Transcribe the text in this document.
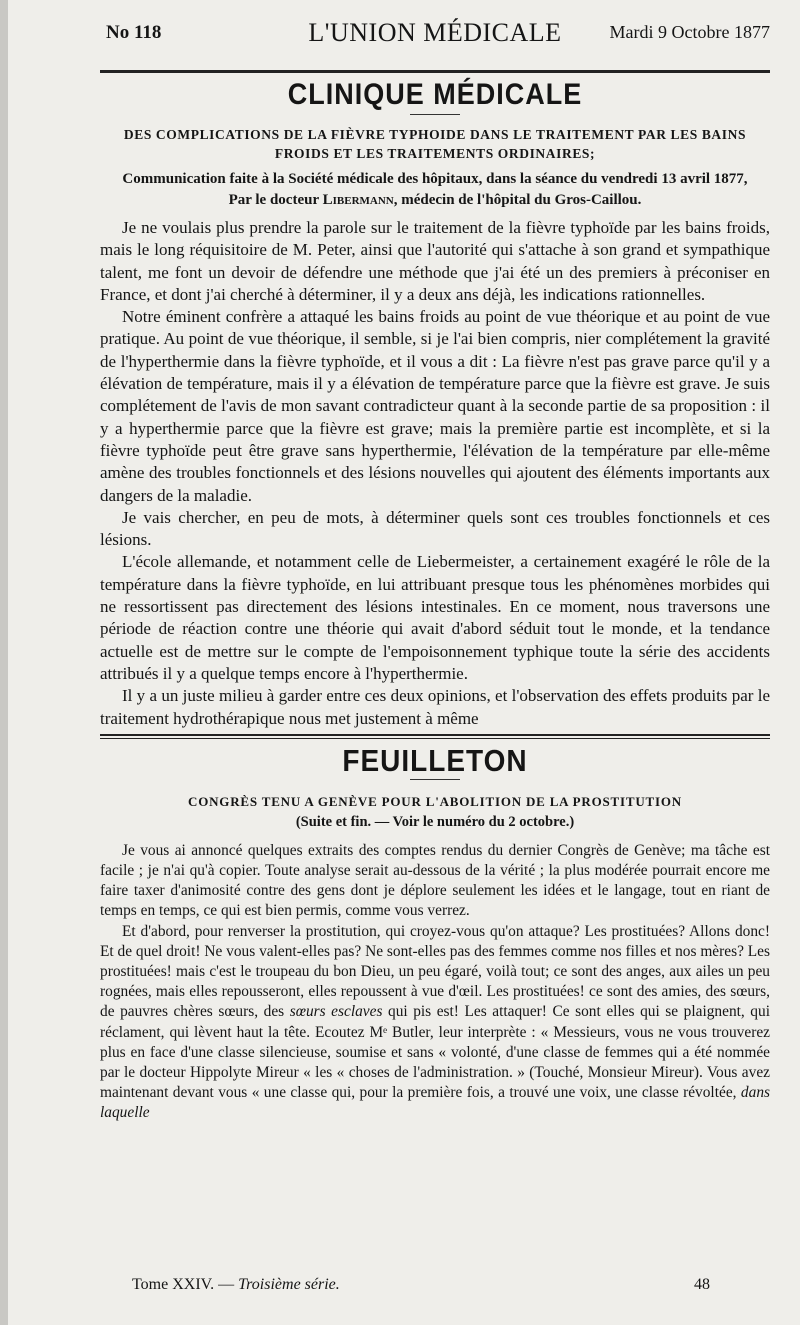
No 118	L'UNION MÉDICALE	Mardi 9 Octobre 1877
CLINIQUE MÉDICALE
DES COMPLICATIONS DE LA FIÈVRE TYPHOIDE DANS LE TRAITEMENT PAR LES BAINS
FROIDS ET LES TRAITEMENTS ORDINAIRES;
Communication faite à la Société médicale des hôpitaux, dans la séance du vendredi 13 avril 1877,
Par le docteur Libermann, médecin de l'hôpital du Gros-Caillou.

Je ne voulais plus prendre la parole sur le traitement de la fièvre typhoïde par les bains froids, mais le long réquisitoire de M. Peter, ainsi que l'autorité qui s'attache à son grand et sympathique talent, me font un devoir de défendre une méthode que j'ai été un des premiers à préconiser en France, et dont j'ai cherché à déterminer, il y a deux ans déjà, les indications rationnelles.

Notre éminent confrère a attaqué les bains froids au point de vue théorique et au point de vue pratique. Au point de vue théorique, il semble, si je l'ai bien compris, nier complétement la gravité de l'hyperthermie dans la fièvre typhoïde, et il vous a dit : La fièvre n'est pas grave parce qu'il y a élévation de température, mais il y a élévation de température parce que la fièvre est grave. Je suis complétement de l'avis de mon savant contradicteur quant à la seconde partie de sa proposition : il y a hyperthermie parce que la fièvre est grave; mais la première partie est incomplète, et si la fièvre typhoïde peut être grave sans hyperthermie, l'élévation de la température par elle-même amène des troubles fonctionnels et des lésions nouvelles qui ajoutent des éléments importants aux dangers de la maladie.

Je vais chercher, en peu de mots, à déterminer quels sont ces troubles fonctionnels et ces lésions.

L'école allemande, et notamment celle de Liebermeister, a certainement exagéré le rôle de la température dans la fièvre typhoïde, en lui attribuant presque tous les phénomènes morbides qui ne ressortissent pas directement des lésions intestinales. En ce moment, nous traversons une période de réaction contre une théorie qui avait d'abord séduit tout le monde, et la tendance actuelle est de mettre sur le compte de l'empoisonnement typhique toute la série des accidents attribués il y a quelque temps encore à l'hyperthermie.

Il y a un juste milieu à garder entre ces deux opinions, et l'observation des effets produits par le traitement hydrothérapique nous met justement à même

FEUILLETON
CONGRÈS TENU A GENÈVE POUR L'ABOLITION DE LA PROSTITUTION
(Suite et fin. — Voir le numéro du 2 octobre.)

Je vous ai annoncé quelques extraits des comptes rendus du dernier Congrès de Genève; ma tâche est facile ; je n'ai qu'à copier. Toute analyse serait au-dessous de la vérité ; la plus modérée pourrait encore me faire taxer d'animosité contre des gens dont je déplore seulement les idées et le langage, tout en riant de temps en temps, ce qui est bien permis, comme vous verrez.

Et d'abord, pour renverser la prostitution, qui croyez-vous qu'on attaque? Les prostituées? Allons donc! Et de quel droit! Ne vous valent-elles pas? Ne sont-elles pas des femmes comme nos filles et nos mères? Les prostituées! mais c'est le troupeau du bon Dieu, un peu égaré, voilà tout; ce sont des anges, aux ailes un peu rognées, mais elles repousseront, elles repoussent à vue d'œil. Les prostituées! ce sont des amies, des sœurs, de pauvres chères sœurs, des sœurs esclaves qui pis est! Les attaquer! Ce sont elles qui se plaignent, qui réclament, qui lèvent haut la tête. Ecoutez Mᵉ Butler, leur interprète : « Messieurs, vous ne vous trouverez plus en face d'une classe silencieuse, soumise et sans « volonté, d'une classe de femmes qui a été nommée par le docteur Hippolyte Mireur « les « choses de l'administration. » (Touché, Monsieur Mireur). Vous avez maintenant devant vous « une classe qui, pour la première fois, a trouvé une voix, une classe révoltée, dans laquelle

Tome XXIV. — Troisième série.	48
